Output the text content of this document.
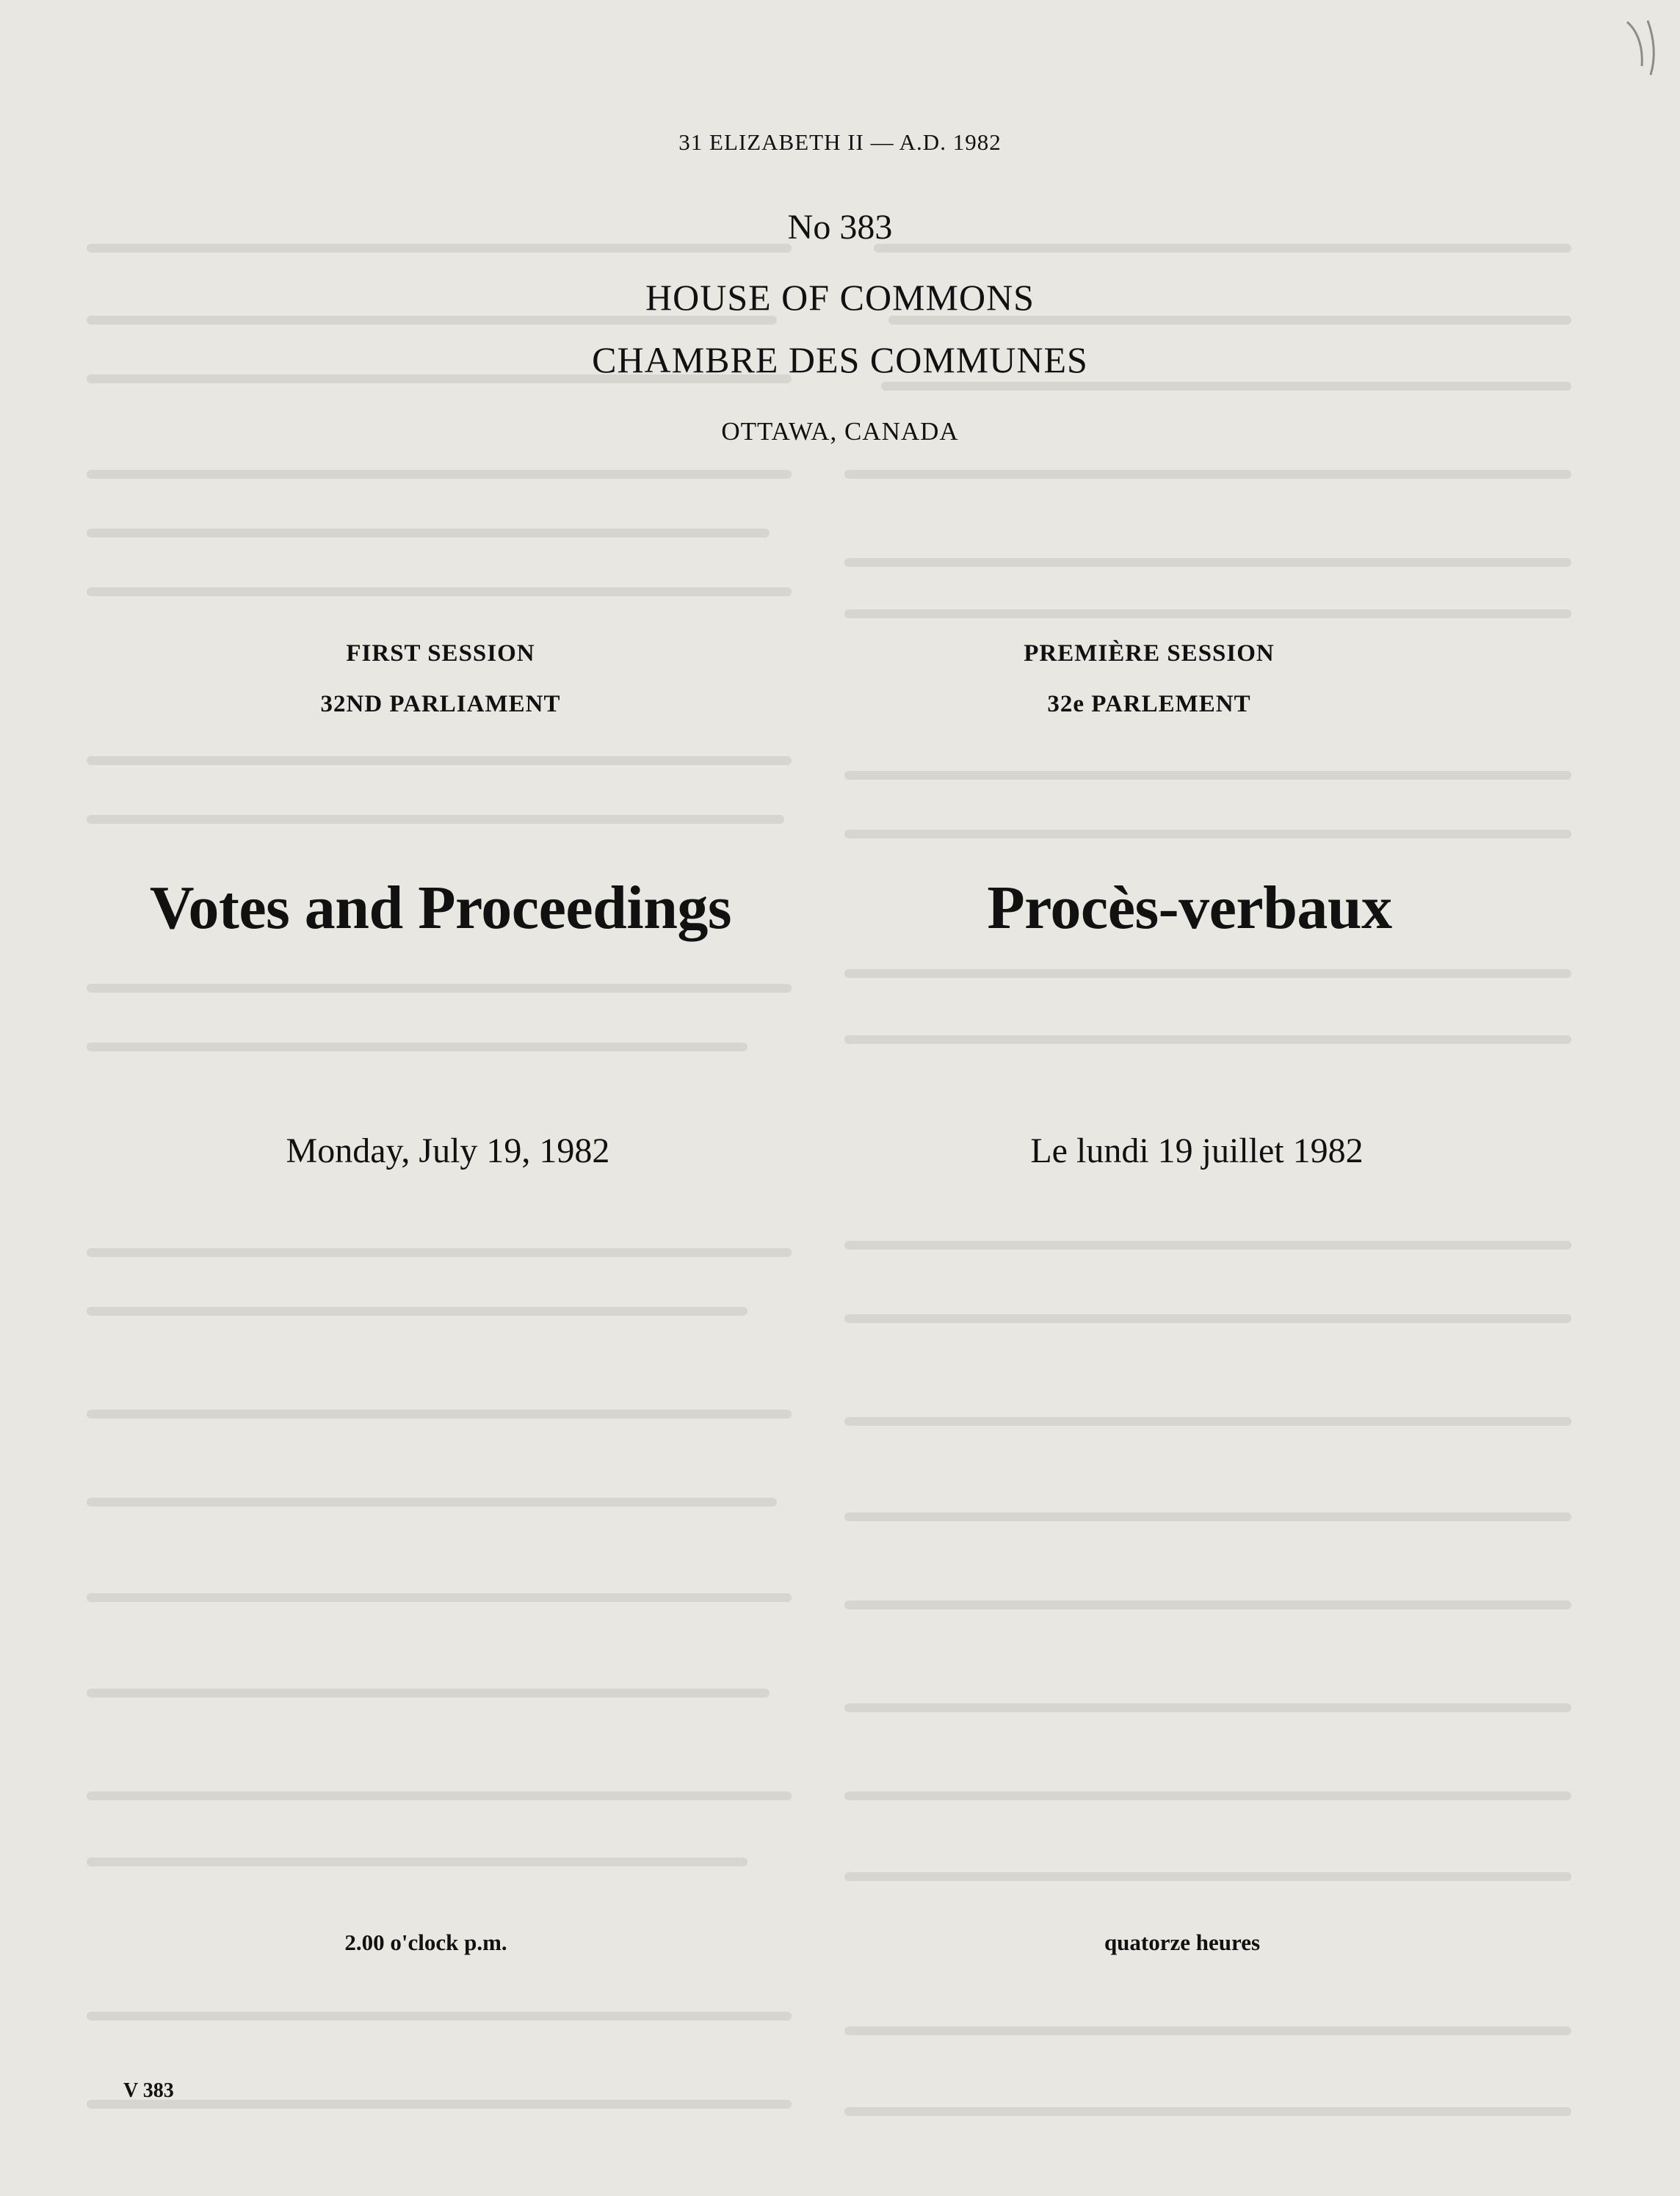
31 ELIZABETH II — A.D. 1982
No 383
HOUSE OF COMMONS
CHAMBRE DES COMMUNES
OTTAWA, CANADA
FIRST SESSION
32ND PARLIAMENT
PREMIÈRE SESSION
32e PARLEMENT
Votes and Proceedings	Procès-verbaux
Monday, July 19, 1982	Le lundi 19 juillet 1982
2.00 o'clock p.m.	quatorze heures
V 383
